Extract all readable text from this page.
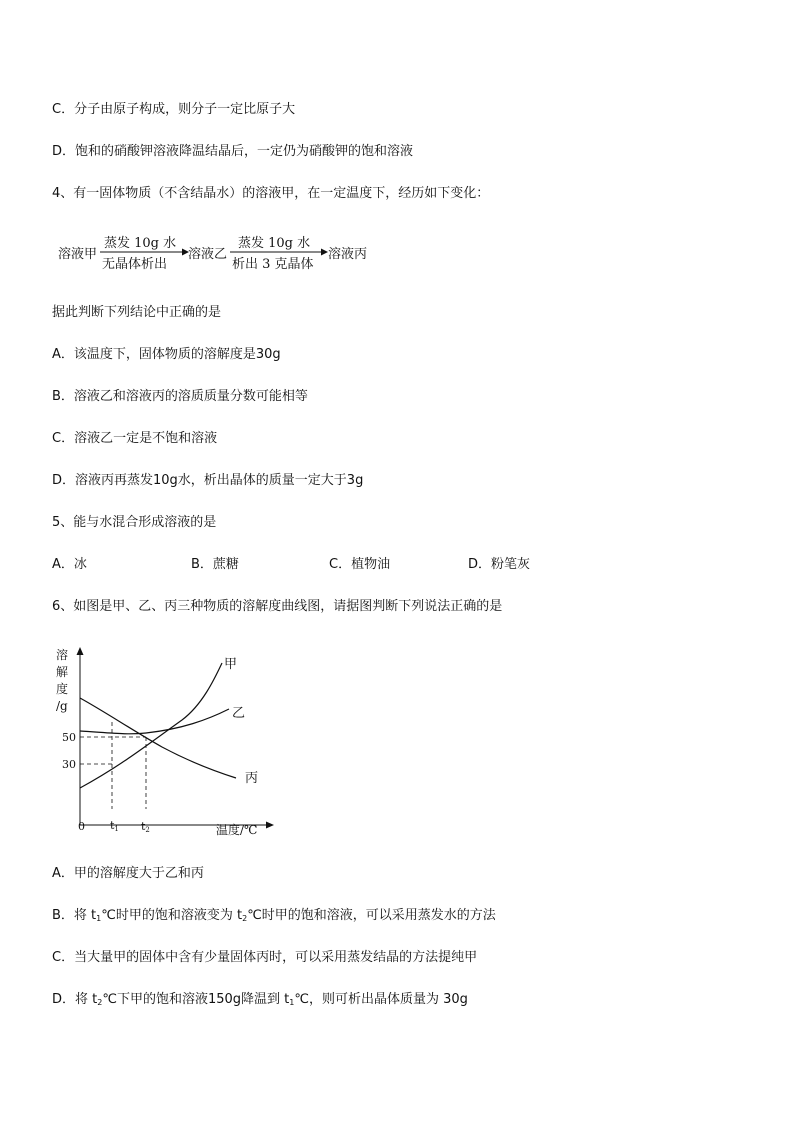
C．分子由原子构成，则分子一定比原子大
D．饱和的硝酸钾溶液降温结晶后，一定仍为硝酸钾的饱和溶液
4、有一固体物质（不含结晶水）的溶液甲，在一定温度下，经历如下变化：
溶液甲
蒸发 10g 水
无晶体析出
溶液乙
蒸发 10g 水
析出 3 克晶体
溶液丙
据此判断下列结论中正确的是
A．该温度下，固体物质的溶解度是30g
B．溶液乙和溶液丙的溶质质量分数可能相等
C．溶液乙一定是不饱和溶液
D．溶液丙再蒸发10g水，析出晶体的质量一定大于3g
5、能与水混合形成溶液的是
A．冰	B．蔗糖	C．植物油	D．粉笔灰
6、如图是甲、乙、丙三种物质的溶解度曲线图，请据图判断下列说法正确的是
溶
解
度
/g
50
30
0 t1 t2	温度/℃
甲
乙
丙
A．甲的溶解度大于乙和丙
B．将 $t_1℃$时甲的饱和溶液变为 $t_2℃$时甲的饱和溶液，可以采用蒸发水的方法
C．当大量甲的固体中含有少量固体丙时，可以采用蒸发结晶的方法提纯甲
D．将 $t_2℃$下甲的饱和溶液150g降温到 $t_1℃$，则可析出晶体质量为 30g
